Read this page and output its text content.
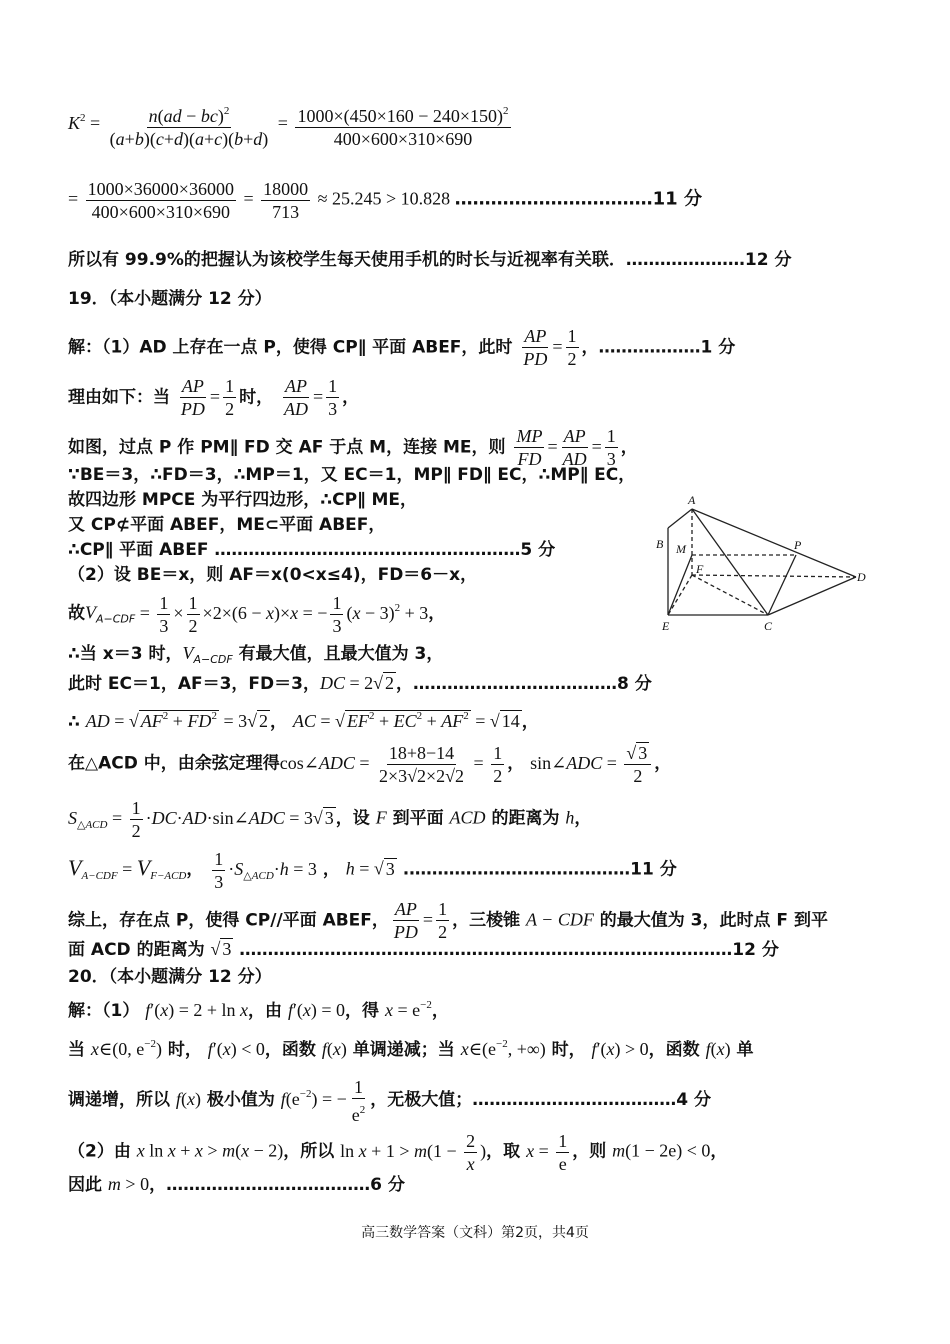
$K^2 = \frac{n(ad - bc)^2}{(a+b)(c+d)(a+c)(b+d)} = \frac{1000\times(450\times 160 - 240\times 150)^2}{400\times 600\times 310\times 690}$
= $\frac{1000\times 36000\times 36000}{400\times 600\times 310\times 690} = \frac{18000}{713} \approx 25.245 > 10.828$ ……………………………11 分
所以有 99.9%的把握认为该校学生每天使用手机的时长与近视率有关联．…………………12 分
19．（本小题满分 12 分）
解：（1）AD 上存在一点 P，使得 CP∥ 平面 ABEF，此时 $\frac{AP}{PD} = \frac{1}{2}$ ，………………1 分
理由如下：当 $\frac{AP}{PD} = \frac{1}{2}$ 时， $\frac{AP}{AD} = \frac{1}{3}$ ，
如图，过点 P 作 PM∥ FD 交 AF 于点 M，连接 ME，则 $\frac{MP}{FD} = \frac{AP}{AD} = \frac{1}{3}$ ，
∵BE＝3，∴FD＝3，∴MP＝1，又 EC＝1，MP∥ FD∥ EC，∴MP∥ EC，
故四边形 MPCE 为平行四边形，∴CP∥ ME，
又 CP⊄平面 ABEF，ME⊂平面 ABEF，
∴CP∥ 平面 ABEF ………………………………………………5 分
（2）设 BE＝x，则 AF＝x(0<x≤4)，FD＝6－x，
故$V_{A-CDF} = \frac{1}{3} \times \frac{1}{2} \times 2\times(6 - x)\times x$ = − $\frac{1}{3} (x - 3)^2 + 3$，
∴当 x＝3 时，$V_{A-CDF}$ 有最大值，且最大值为 3，
此时 EC＝1，AF＝3，FD＝3，DC = 2√ 2 ，………………………………8 分
∴ AD = √ $AF^2 + FD^2 = 3√$ 2 ， AC = √ $EF^2 + EC^2 + AF^2$ = √ 14 ，
在△ACD 中，由余弦定理得cos∠ADC = $\frac{18+8-14}{2\times 3√2\times 2√2} = \frac{1}{2}$ ， sin∠ADC = $\frac{√ 3}{2}$ ，
$S_{\triangle ACD} = \frac{1}{2}$ ·DC·AD·sin∠ADC = 3√ 3 ，设 F 到平面 ACD 的距离为 h，
$V_{A-CDF} = V_{F-ACD}$， $\frac{1}{3} \cdot S_{\triangle ACD}\cdot h = 3$ ， h = √ 3 .…………………………………11 分
综上，存在点 P，使得 CP//平面 ABEF， $\frac{AP}{PD} = \frac{1}{2}$ ，三棱锥 A − CDF 的最大值为 3，此时点 F 到平
面 ACD 的距离为 √ 3 ……………………………………………………………………………12 分
20．（本小题满分 12 分）
解：（1） f′(x) = 2 + ln x，由 f′(x) = 0，得 $x = e^{-2}$，
当 x∈(0, $e^{-2}$) 时， f′(x) < 0，函数 f(x) 单调递减；当 $x\in(e^{-2}$, +∞) 时， f′(x) > 0，函数 f(x) 单
调递增，所以 f(x) 极小值为 $f(e^{-2})$ = − $\frac{1}{e^2}$ ，无极大值；………………………………4 分
（2）由 x ln x + x > m(x − 2)，所以 $\ln x + 1 > m(1 - \frac{2}{x}$ )，取 $x = \frac{1}{e}$ ，则 m(1 − 2e) < 0，
因此 m > 0，………………………………6 分
高三数学答案（文科）第2页，共4页
A
B M
F
P
D
E	C
